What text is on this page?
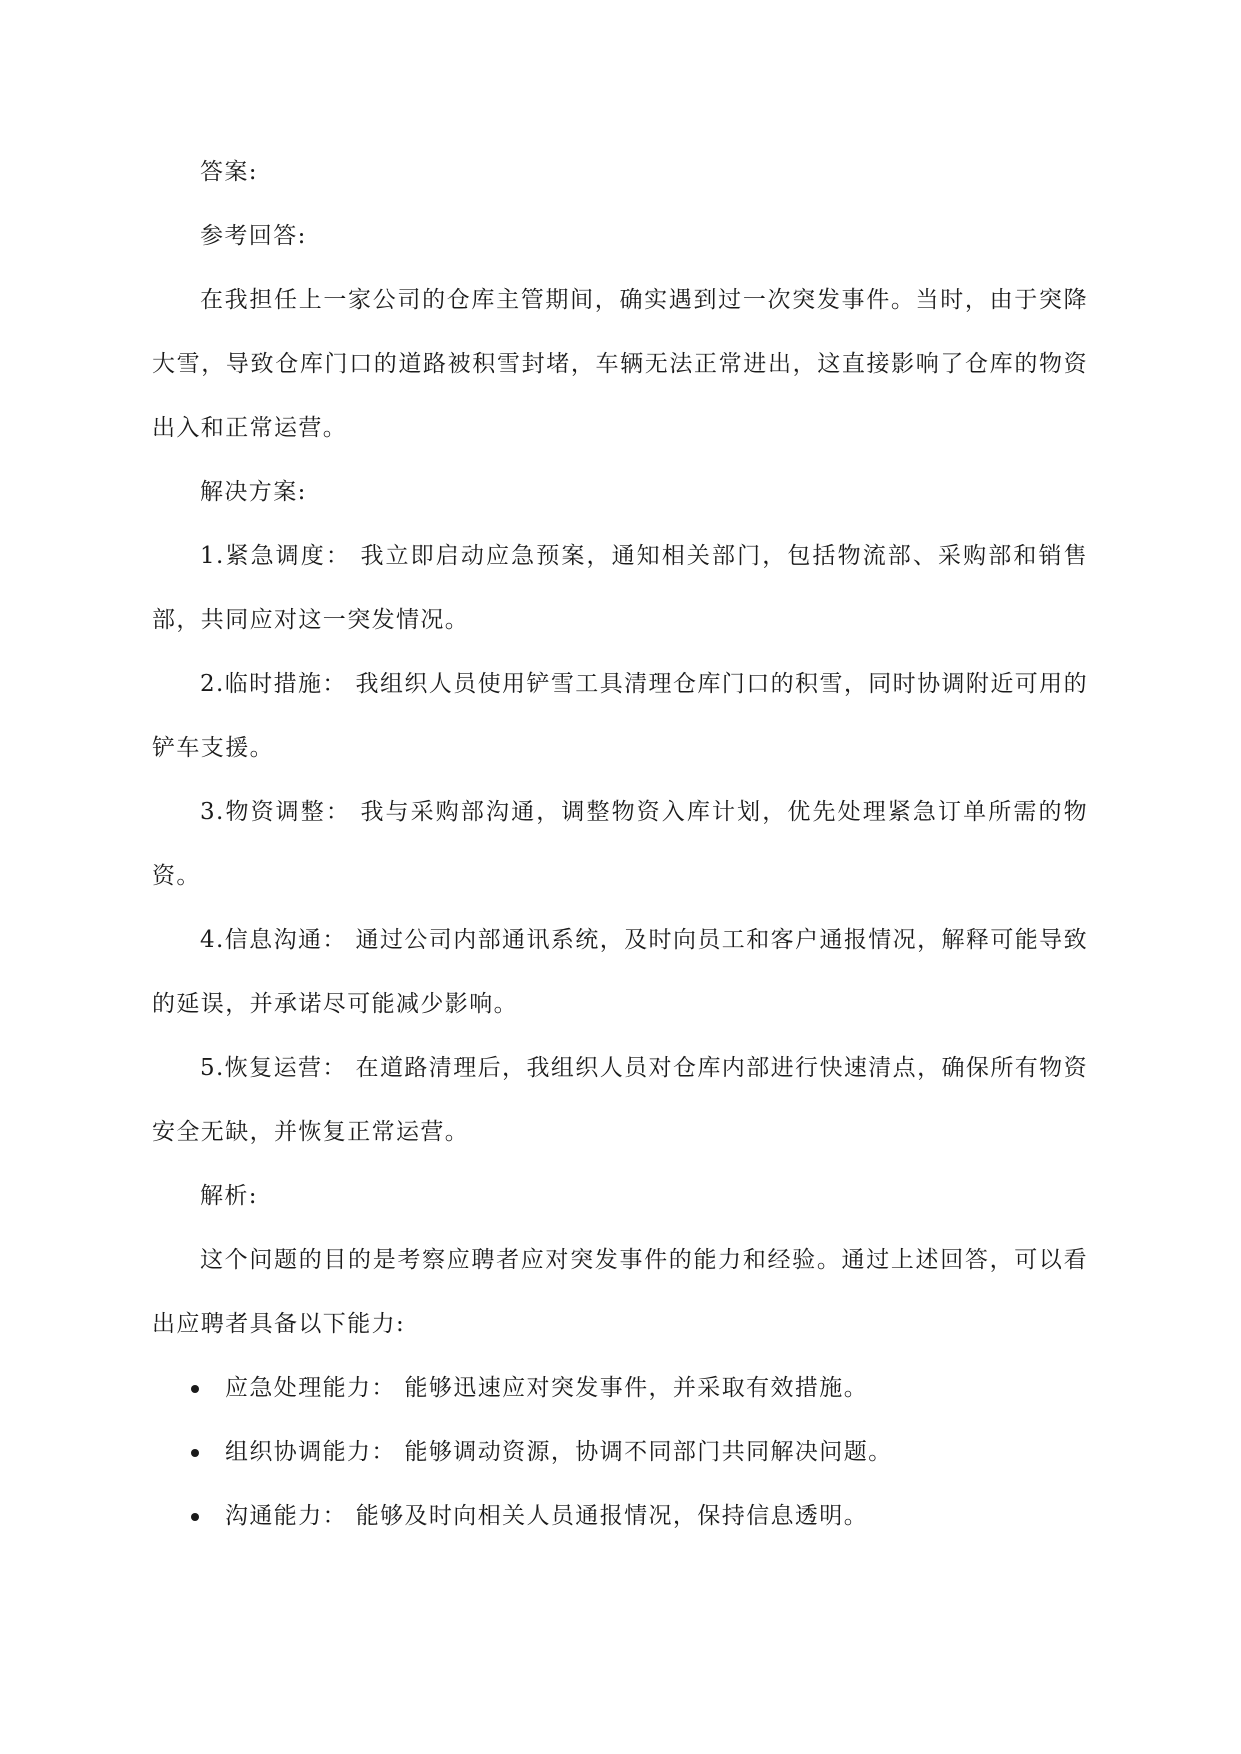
答案:

参考回答:

在我担任上一家公司的仓库主管期间，确实遇到过一次突发事件。当时，由于突降大雪，导致仓库门口的道路被积雪封堵，车辆无法正常进出，这直接影响了仓库的物资出入和正常运营。

解决方案:

1.紧急调度： 我立即启动应急预案，通知相关部门，包括物流部、采购部和销售部，共同应对这一突发情况。

2.临时措施： 我组织人员使用铲雪工具清理仓库门口的积雪，同时协调附近可用的铲车支援。

3.物资调整： 我与采购部沟通，调整物资入库计划，优先处理紧急订单所需的物资。

4.信息沟通： 通过公司内部通讯系统，及时向员工和客户通报情况，解释可能导致的延误，并承诺尽可能减少影响。

5.恢复运营： 在道路清理后，我组织人员对仓库内部进行快速清点，确保所有物资安全无缺，并恢复正常运营。

解析:

这个问题的目的是考察应聘者应对突发事件的能力和经验。通过上述回答，可以看出应聘者具备以下能力:

应急处理能力： 能够迅速应对突发事件，并采取有效措施。
组织协调能力： 能够调动资源，协调不同部门共同解决问题。
沟通能力： 能够及时向相关人员通报情况，保持信息透明。
